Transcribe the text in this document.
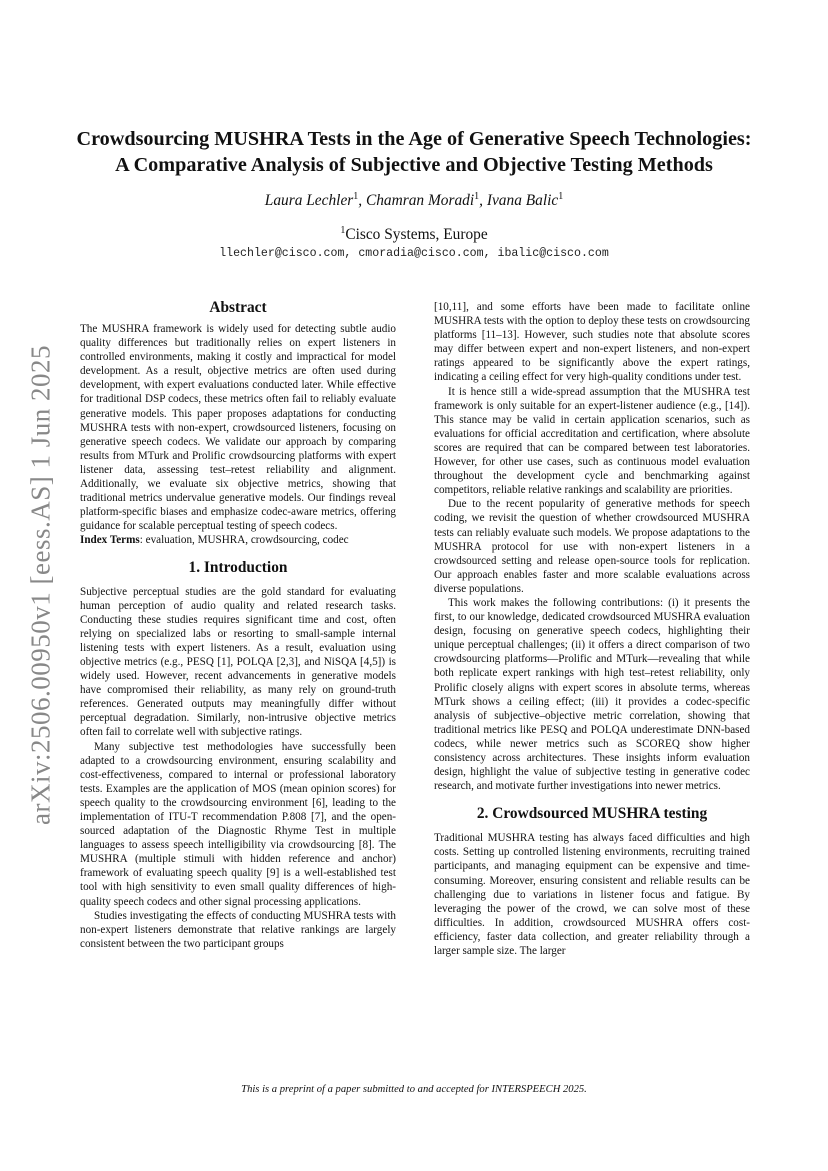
arXiv:2506.00950v1 [eess.AS] 1 Jun 2025
Crowdsourcing MUSHRA Tests in the Age of Generative Speech Technologies:
A Comparative Analysis of Subjective and Objective Testing Methods
Laura Lechler$^1$, Chamran Moradi$^1$, Ivana Balic$^1$
$^1$Cisco Systems, Europe
llechler@cisco.com, cmoradia@cisco.com, ibalic@cisco.com
Abstract

The MUSHRA framework is widely used for detecting subtle audio quality differences but traditionally relies on expert listeners in controlled environments, making it costly and impractical for model development. As a result, objective metrics are often used during development, with expert evaluations conducted later. While effective for traditional DSP codecs, these metrics often fail to reliably evaluate generative models. This paper proposes adaptations for conducting MUSHRA tests with non-expert, crowdsourced listeners, focusing on generative speech codecs. We validate our approach by comparing results from MTurk and Prolific crowdsourcing platforms with expert listener data, assessing test–retest reliability and alignment. Additionally, we evaluate six objective metrics, showing that traditional metrics undervalue generative models. Our findings reveal platform-specific biases and emphasize codec-aware metrics, offering guidance for scalable perceptual testing of speech codecs.

Index Terms: evaluation, MUSHRA, crowdsourcing, codec

1. Introduction

Subjective perceptual studies are the gold standard for evaluating human perception of audio quality and related research tasks. Conducting these studies requires significant time and cost, often relying on specialized labs or resorting to small-sample internal listening tests with expert listeners. As a result, evaluation using objective metrics (e.g., PESQ [1], POLQA [2,3], and NiSQA [4,5]) is widely used. However, recent advancements in generative models have compromised their reliability, as many rely on ground-truth references. Generated outputs may meaningfully differ without perceptual degradation. Similarly, non-intrusive objective metrics often fail to correlate well with subjective ratings.

Many subjective test methodologies have successfully been adapted to a crowdsourcing environment, ensuring scalability and cost-effectiveness, compared to internal or professional laboratory tests. Examples are the application of MOS (mean opinion scores) for speech quality to the crowdsourcing environment [6], leading to the implementation of ITU-T recommendation P.808 [7], and the open-sourced adaptation of the Diagnostic Rhyme Test in multiple languages to assess speech intelligibility via crowdsourcing [8]. The MUSHRA (multiple stimuli with hidden reference and anchor) framework of evaluating speech quality [9] is a well-established test tool with high sensitivity to even small quality differences of high-quality speech codecs and other signal processing applications.

Studies investigating the effects of conducting MUSHRA tests with non-expert listeners demonstrate that relative rankings are largely consistent between the two participant groups

[10,11], and some efforts have been made to facilitate online MUSHRA tests with the option to deploy these tests on crowdsourcing platforms [11–13]. However, such studies note that absolute scores may differ between expert and non-expert listeners, and non-expert ratings appeared to be significantly above the expert ratings, indicating a ceiling effect for very high-quality conditions under test.

It is hence still a wide-spread assumption that the MUSHRA test framework is only suitable for an expert-listener audience (e.g., [14]). This stance may be valid in certain application scenarios, such as evaluations for official accreditation and certification, where absolute scores are required that can be compared between test laboratories. However, for other use cases, such as continuous model evaluation throughout the development cycle and benchmarking against competitors, reliable relative rankings and scalability are priorities.

Due to the recent popularity of generative methods for speech coding, we revisit the question of whether crowdsourced MUSHRA tests can reliably evaluate such models. We propose adaptations to the MUSHRA protocol for use with non-expert listeners in a crowdsourced setting and release open-source tools for replication. Our approach enables faster and more scalable evaluations across diverse populations.

This work makes the following contributions: (i) it presents the first, to our knowledge, dedicated crowdsourced MUSHRA evaluation design, focusing on generative speech codecs, highlighting their unique perceptual challenges; (ii) it offers a direct comparison of two crowdsourcing platforms—Prolific and MTurk—revealing that while both replicate expert rankings with high test–retest reliability, only Prolific closely aligns with expert scores in absolute terms, whereas MTurk shows a ceiling effect; (iii) it provides a codec-specific analysis of subjective–objective metric correlation, showing that traditional metrics like PESQ and POLQA underestimate DNN-based codecs, while newer metrics such as SCOREQ show higher consistency across architectures. These insights inform evaluation design, highlight the value of subjective testing in generative codec research, and motivate further investigations into newer metrics.

2. Crowdsourced MUSHRA testing

Traditional MUSHRA testing has always faced difficulties and high costs. Setting up controlled listening environments, recruiting trained participants, and managing equipment can be expensive and time-consuming. Moreover, ensuring consistent and reliable results can be challenging due to variations in listener focus and fatigue. By leveraging the power of the crowd, we can solve most of these difficulties. In addition, crowdsourced MUSHRA offers cost-efficiency, faster data collection, and greater reliability through a larger sample size. The larger

This is a preprint of a paper submitted to and accepted for INTERSPEECH 2025.
